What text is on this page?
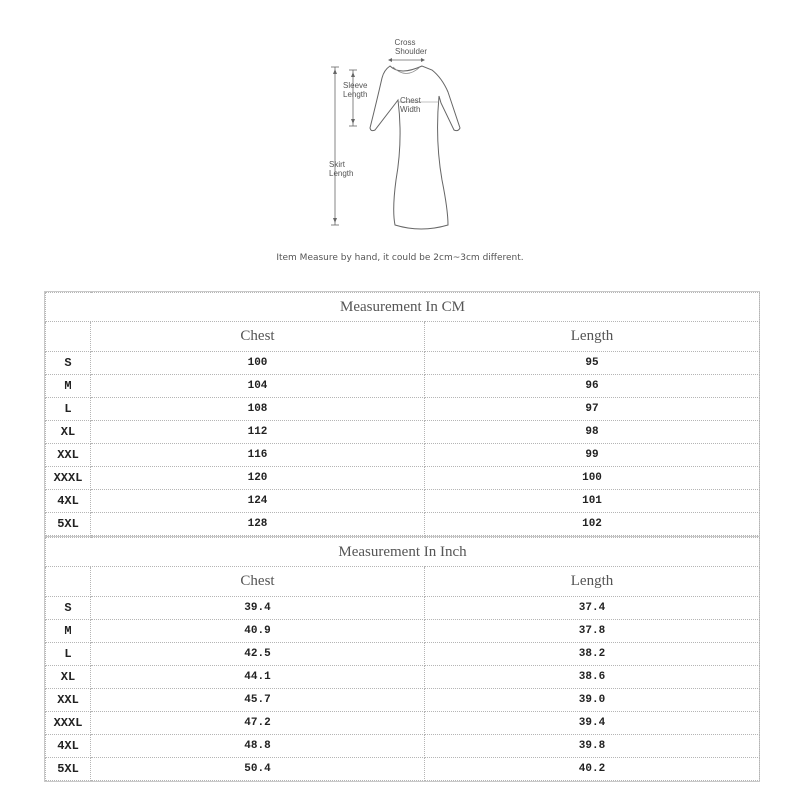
Cross
Shoulder
Sleeve
Length
Chest
Width
Skirt
Length
Item Measure by hand, it could be 2cm~3cm different.
Measurement In CM		
	Chest	Length
S	100	95
M	104	96
L	108	97
XL	112	98
XXL	116	99
XXXL	120	100
4XL	124	101
5XL	128	102
Measurement In Inch		
	Chest	Length
S	39.4	37.4
M	40.9	37.8
L	42.5	38.2
XL	44.1	38.6
XXL	45.7	39.0
XXXL	47.2	39.4
4XL	48.8	39.8
5XL	50.4	40.2
